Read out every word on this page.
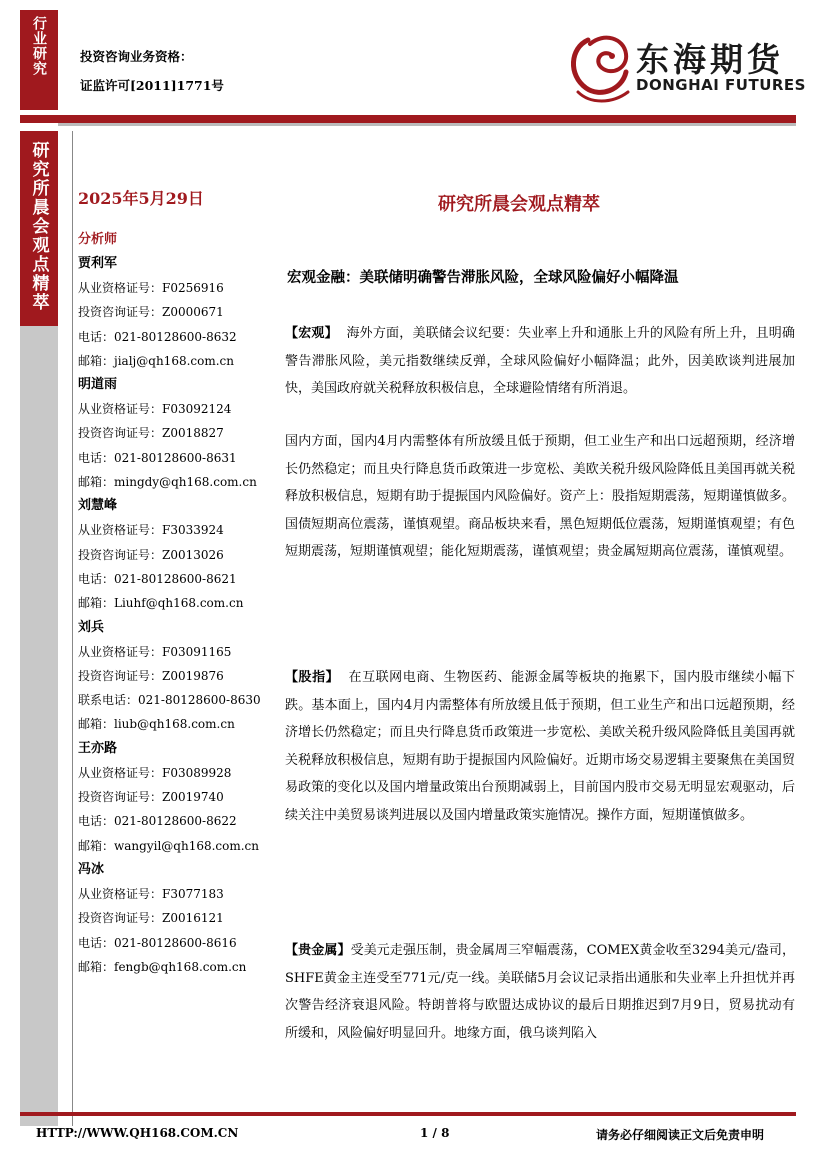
行业研究	投资咨询业务资格：
证监许可[2011]1771号
东海期货
DONGHAI FUTURES
研究所晨会观点精萃	2025年5月29日	研究所晨会观点精萃
分析师
贾利军
从业资格证号：F0256916
投资咨询证号：Z0000671
电话：021-80128600-8632
邮箱：jialj@qh168.com.cn
明道雨
从业资格证号：F03092124
投资咨询证号：Z0018827
电话：021-80128600-8631
邮箱：mingdy@qh168.com.cn
刘慧峰
从业资格证号：F3033924
投资咨询证号：Z0013026
电话：021-80128600-8621
邮箱：Liuhf@qh168.com.cn
刘兵
从业资格证号：F03091165
投资咨询证号：Z0019876
联系电话：021-80128600-8630
邮箱：liub@qh168.com.cn
王亦路
从业资格证号：F03089928
投资咨询证号：Z0019740
电话：021-80128600-8622
邮箱：wangyil@qh168.com.cn
冯冰
从业资格证号：F3077183
投资咨询证号：Z0016121
电话：021-80128600-8616
邮箱：fengb@qh168.com.cn
宏观金融：美联储明确警告滞胀风险，全球风险偏好小幅降温
【宏观】 海外方面，美联储会议纪要：失业率上升和通胀上升的风险有所上升，且明确警告滞胀风险，美元指数继续反弹，全球风险偏好小幅降温；此外，因美欧谈判进展加快，美国政府就关税释放积极信息，全球避险情绪有所消退。
国内方面，国内4月内需整体有所放缓且低于预期，但工业生产和出口远超预期，经济增长仍然稳定；而且央行降息货币政策进一步宽松、美欧关税升级风险降低且美国再就关税释放积极信息，短期有助于提振国内风险偏好。资产上：股指短期震荡，短期谨慎做多。国债短期高位震荡，谨慎观望。商品板块来看，黑色短期低位震荡，短期谨慎观望；有色短期震荡，短期谨慎观望；能化短期震荡，谨慎观望；贵金属短期高位震荡，谨慎观望。
【股指】 在互联网电商、生物医药、能源金属等板块的拖累下，国内股市继续小幅下跌。基本面上，国内4月内需整体有所放缓且低于预期，但工业生产和出口远超预期，经济增长仍然稳定；而且央行降息货币政策进一步宽松、美欧关税升级风险降低且美国再就关税释放积极信息，短期有助于提振国内风险偏好。近期市场交易逻辑主要聚焦在美国贸易政策的变化以及国内增量政策出台预期减弱上，目前国内股市交易无明显宏观驱动，后续关注中美贸易谈判进展以及国内增量政策实施情况。操作方面，短期谨慎做多。
【贵金属】受美元走强压制，贵金属周三窄幅震荡，COMEX黄金收至3294美元/盎司，SHFE黄金主连受至771元/克一线。美联储5月会议记录指出通胀和失业率上升担忧并再次警告经济衰退风险。特朗普将与欧盟达成协议的最后日期推迟到7月9日，贸易扰动有所缓和，风险偏好明显回升。地缘方面，俄乌谈判陷入
HTTP://WWW.QH168.COM.CN	1 / 8	请务必仔细阅读正文后免责申明
